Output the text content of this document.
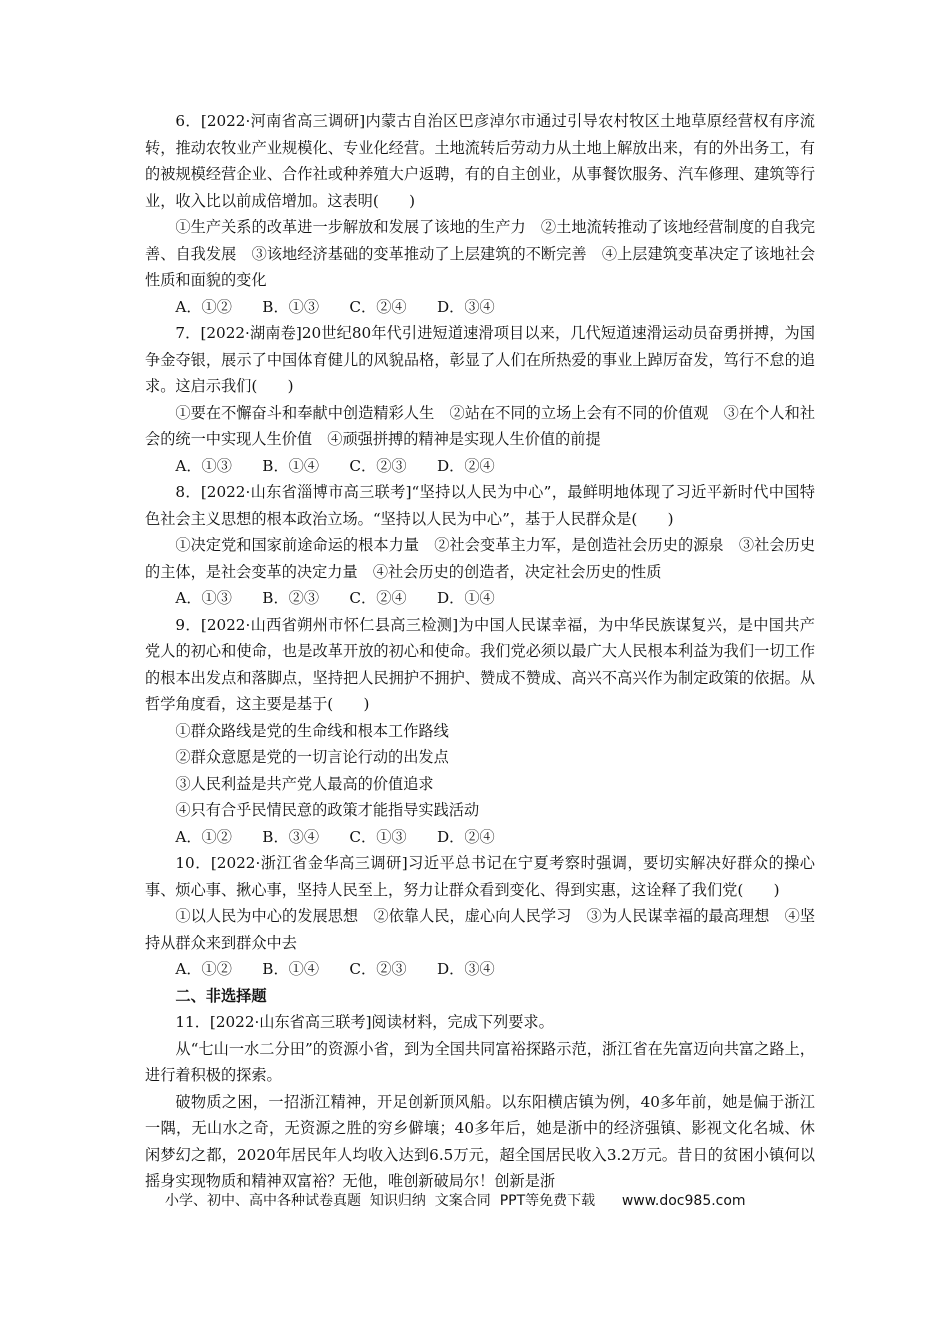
6．[2022·河南省高三调研]内蒙古自治区巴彦淖尔市通过引导农村牧区土地草原经营权有序流转，推动农牧业产业规模化、专业化经营。土地流转后劳动力从土地上解放出来，有的外出务工，有的被规模经营企业、合作社或种养殖大户返聘，有的自主创业，从事餐饮服务、汽车修理、建筑等行业，收入比以前成倍增加。这表明(　　)

①生产关系的改革进一步解放和发展了该地的生产力　②土地流转推动了该地经营制度的自我完善、自我发展　③该地经济基础的变革推动了上层建筑的不断完善　④上层建筑变革决定了该地社会性质和面貌的变化

A．①②　　B．①③　　C．②④　　D．③④

7．[2022·湖南卷]20世纪80年代引进短道速滑项目以来，几代短道速滑运动员奋勇拼搏，为国争金夺银，展示了中国体育健儿的风貌品格，彰显了人们在所热爱的事业上踔厉奋发，笃行不怠的追求。这启示我们(　　)

①要在不懈奋斗和奉献中创造精彩人生　②站在不同的立场上会有不同的价值观　③在个人和社会的统一中实现人生价值　④顽强拼搏的精神是实现人生价值的前提

A．①③　　B．①④　　C．②③　　D．②④

8．[2022·山东省淄博市高三联考]“坚持以人民为中心”，最鲜明地体现了习近平新时代中国特色社会主义思想的根本政治立场。“坚持以人民为中心”，基于人民群众是(　　)

①决定党和国家前途命运的根本力量　②社会变革主力军，是创造社会历史的源泉　③社会历史的主体，是社会变革的决定力量　④社会历史的创造者，决定社会历史的性质

A．①③　　B．②③　　C．②④　　D．①④

9．[2022·山西省朔州市怀仁县高三检测]为中国人民谋幸福，为中华民族谋复兴，是中国共产党人的初心和使命，也是改革开放的初心和使命。我们党必须以最广大人民根本利益为我们一切工作的根本出发点和落脚点，坚持把人民拥护不拥护、赞成不赞成、高兴不高兴作为制定政策的依据。从哲学角度看，这主要是基于(　　)

①群众路线是党的生命线和根本工作路线

②群众意愿是党的一切言论行动的出发点

③人民利益是共产党人最高的价值追求

④只有合乎民情民意的政策才能指导实践活动

A．①②　　B．③④　　C．①③　　D．②④

10．[2022·浙江省金华高三调研]习近平总书记在宁夏考察时强调，要切实解决好群众的操心事、烦心事、揪心事，坚持人民至上，努力让群众看到变化、得到实惠，这诠释了我们党(　　)

①以人民为中心的发展思想　②依靠人民，虚心向人民学习　③为人民谋幸福的最高理想　④坚持从群众来到群众中去

A．①②　　B．①④　　C．②③　　D．③④

二、非选择题

11．[2022·山东省高三联考]阅读材料，完成下列要求。

从“七山一水二分田”的资源小省，到为全国共同富裕探路示范，浙江省在先富迈向共富之路上，进行着积极的探索。

破物质之困，一招浙江精神，开足创新顶风船。以东阳横店镇为例，40多年前，她是偏于浙江一隅，无山水之奇，无资源之胜的穷乡僻壤；40多年后，她是浙中的经济强镇、影视文化名城、休闲梦幻之都，2020年居民年人均收入达到6.5万元，超全国居民收入3.2万元。昔日的贫困小镇何以摇身实现物质和精神双富裕？无他，唯创新破局尔！创新是浙

小学、初中、高中各种试卷真题  知识归纳  文案合同  PPT等免费下载      www.doc985.com
